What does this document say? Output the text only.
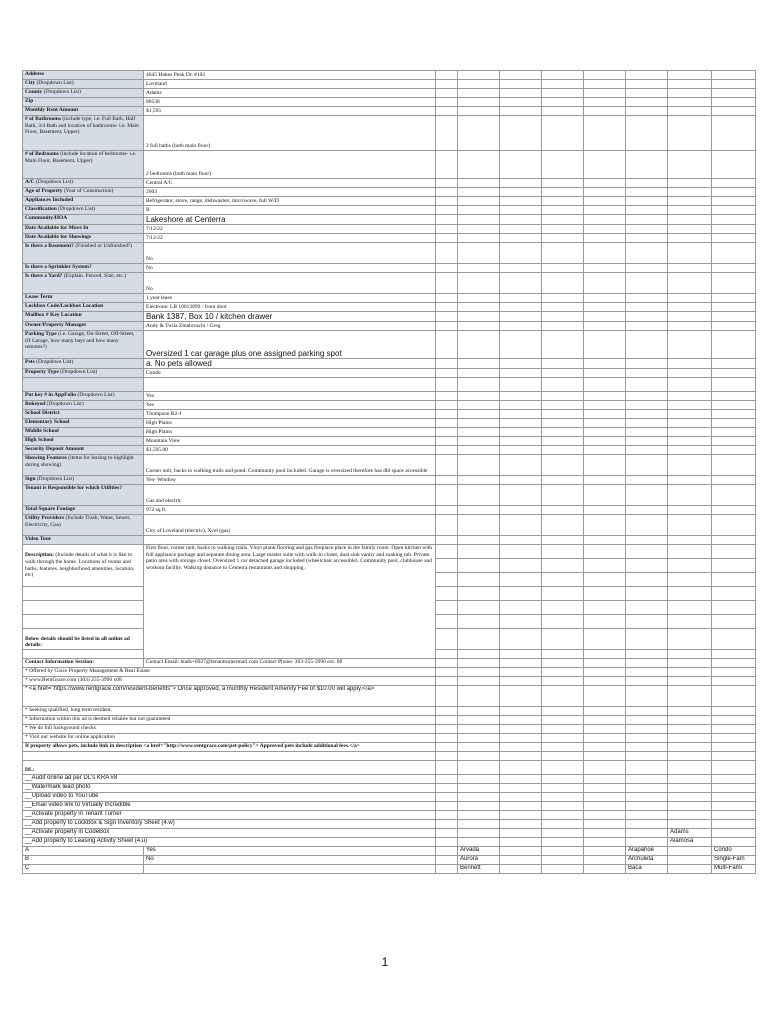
Address	4645 Hahns Peak Dr. #102								
City (Dropdown List)	Loveland								
County (Dropdown List)	Adams								
Zip	80538								
Monthly Rent Amount	$1,595								
# of Bathrooms (include type, i.e. Full Bath, Half Bath, 3/4 Bath and location of bathrooms- i.e. Main Floor, Basement, Upper)	2 full baths (both main floor)								
# of Bedrooms (include location of bedrooms- i.e. Main Floor, Basement, Upper)	2 bedrooms (both main floor)								
A/C (Dropdown List)	Central A/C								
Age of Property (Year of Construction)	2003								
Appliances Included	Refrigerator, stove, range, dishwasher, microwave, full W/D								
Classification (Dropdown List)	B								
Community/HOA	Lakeshore at Centerra								
Date Available for Move In	7/12/22								
Date Available for Showings	7/12/22								
Is there a Basement? (Finished or Unfinished?)	No								
Is there a Sprinkler System?	No								
Is there a Yard? (Explain. Fenced, Size, etc.)	No								
Lease Term	1 year lease								
Lockbox Code/Lockbox Location	Electronic LB 10013899 / front door								
Mailbox # Key Location	Bank 1387, Box 10 / kitchen drawer								
Owner/Property Manager	Andy & Twila Zmalovachi / Greg								
Parking Type (i.e. Garage, On-Street, Off-Street, (If Garage, how many bays and how many remotes?)	Oversized 1 car garage plus one assigned parking spot								
Pets (Dropdown List)	a. No pets allowed								
Property Type (Dropdown List)	Condo								

Put key # in AppFolio (Dropdown List)	Yes								
Rekeyed (Dropdown List)	Yes								
School District	Thompson R2-J								
Elementary School	High Plains								
Middle School	High Plains								
High School	Mountain View								
Security Deposit Amount	$1,595.00								
Showing Features (items for leasing to highlight during showing)	Corner unit, backs to walking trails and pond. Community pool included. Garage is oversized therefore has dbl space accessible								
Sign (Dropdown List)	Yes- Window								
Tenant is Responsible for which Utilities?	Gas and electric								
Total Square Footage	972 sq ft.								
Utility Providers (Include Trash, Water, Sewer, Electricity, Gas)	City of Loveland (electric), Xcel (gas)								
Video Tour									
Description: (Include details of what it is like to walk through the home. Locations of rooms and baths, features, neighborhood amenities, location, etc)	First floor, corner unit, backs to walking trails. Vinyl plank flooring and gas fireplace place in the family room. Open kitchen with full appliance package and separate dining area. Large master suite with walk-in closet, dual sink vanity and soaking tub. Private patio area with storage closet. Oversized 1 car detached garage included (wheelchair accessible). Community pool, clubhouse and workout facility. Walking distance to Centerra restaurants and shopping.								

Below details should be listed in all online ad details:									

Contact Information Section:	Contact Email: leads+8927@tenantturnermail.com Contact Phone: 303-255-3990 ext. 08								
* Offered by Grace Property Management & Real Estate									
* www.RentGrace.com (303) 255-3990 x08									
* <a href="https://www.rentgrace.com/resident-benefits"> Once approved, a monthly Resident Amenity Fee of $10.00 will apply.</a>									
* Seeking qualified, long term resident.									
* Information within this ad is deemed reliable but not guaranteed									
* We do full background checks									
* Visit our website for online application									
If property allows pets, include link in description <a href="http://www.rentgrace.com/pet-policy"> Approved pets include additional fees.</a>									

DL:									
__Audit online ad per DL's KRA #8									
__Watermark lead photo									
__Upload video to YouTube									
__Email video link to Virtually Incredible									
__Activate property in Tenant Turner									
__Add property to Lockbox & Sign Inventory Sheet (4.w)									
__Activate property in CodeBox								Adams	
__Add property to Leasing Activity Sheet (4.u)								Alamosa	
A	Yes		Arvada				Arapahoe		Condo
B	No		Aurora				Archuleta		Single-Fam
C			Bennett				Baca		Multi-Fami
1
